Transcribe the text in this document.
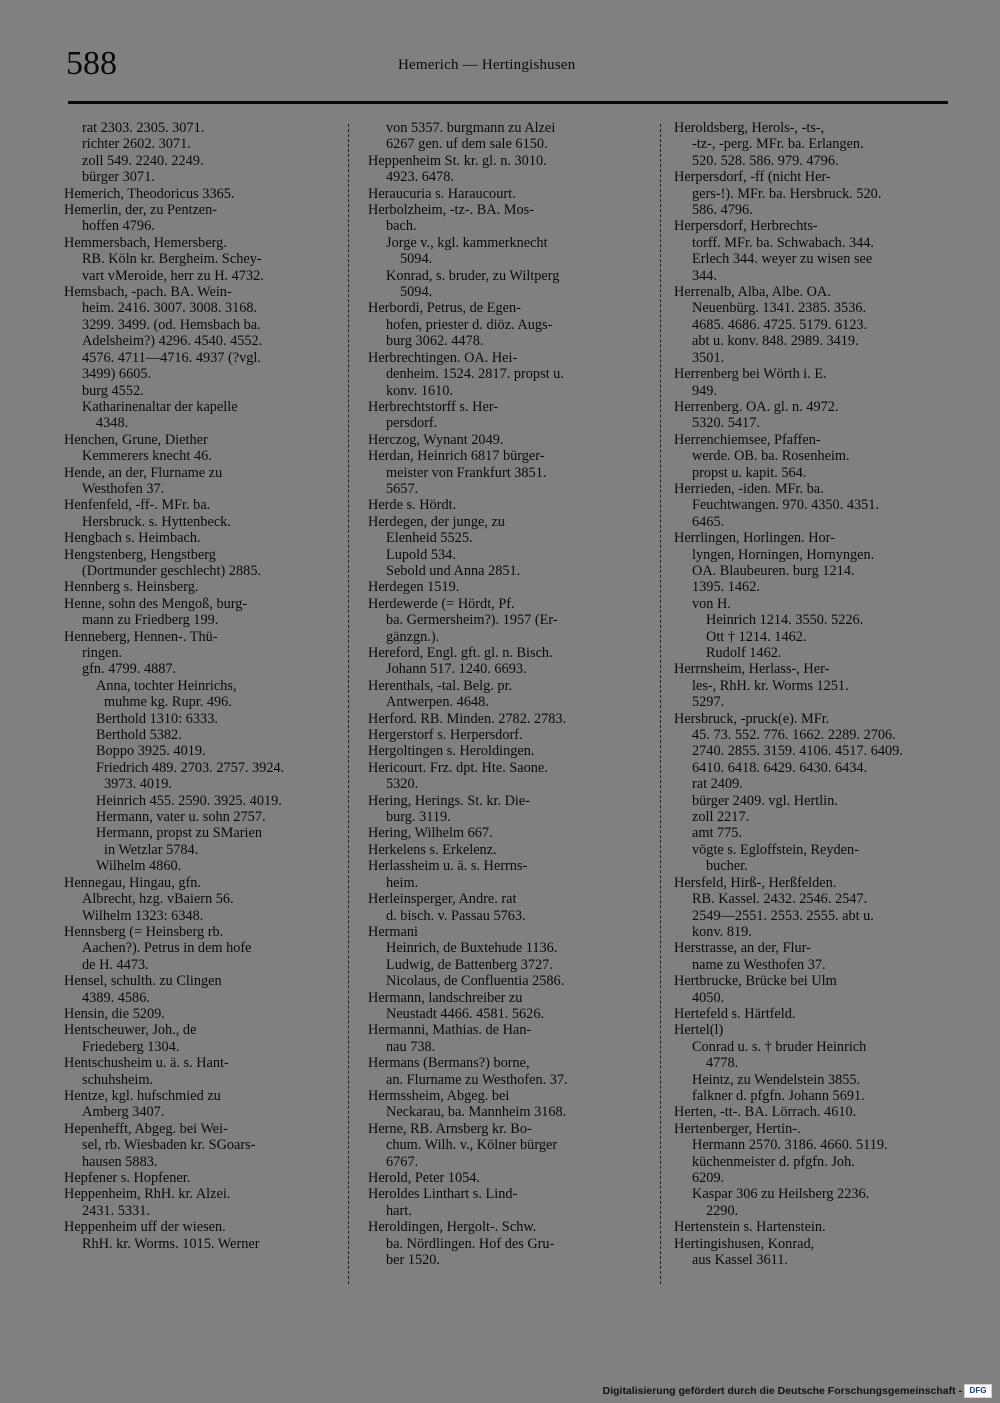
588	Hemerich — Hertingishusen
rat 2303. 2305. 3071.
richter 2602. 3071.
zoll 549. 2240. 2249.
bürger 3071.
Hemerich, Theodoricus 3365.
Hemerlin, der, zu Pentzen-
hoffen 4796.
Hemmersbach, Hemersberg.
RB. Köln kr. Bergheim. Schey-
vart vMeroide, herr zu H. 4732.
Hemsbach, -pach. BA. Wein-
heim. 2416. 3007. 3008. 3168.
3299. 3499. (od. Hemsbach ba.
Adelsheim?) 4296. 4540. 4552.
4576. 4711—4716. 4937 (?vgl.
3499) 6605.
burg 4552.
Katharinenaltar der kapelle
4348.
Henchen, Grune, Diether
Kemmerers knecht 46.
Hende, an der, Flurname zu
Westhofen 37.
Henfenfeld, -ff-. MFr. ba.
Hersbruck. s. Hyttenbeck.
Hengbach s. Heimbach.
Hengstenberg, Hengstberg
(Dortmunder geschlecht) 2885.
Hennberg s. Heinsberg.
Henne, sohn des Mengoß, burg-
mann zu Friedberg 199.
Henneberg, Hennen-. Thü-
ringen.
gfn. 4799. 4887.
Anna, tochter Heinrichs,
muhme kg. Rupr. 496.
Berthold 1310: 6333.
Berthold 5382.
Boppo 3925. 4019.
Friedrich 489. 2703. 2757. 3924.
3973. 4019.
Heinrich 455. 2590. 3925. 4019.
Hermann, vater u. sohn 2757.
Hermann, propst zu SMarien
in Wetzlar 5784.
Wilhelm 4860.
Hennegau, Hingau, gfn.
Albrecht, hzg. vBaiern 56.
Wilhelm 1323: 6348.
Hennsberg (= Heinsberg rb.
Aachen?). Petrus in dem hofe
de H. 4473.
Hensel, schulth. zu Clingen
4389. 4586.
Hensin, die 5209.
Hentscheuwer, Joh., de
Friedeberg 1304.
Hentschusheim u. ä. s. Hant-
schuhsheim.
Hentze, kgl. hufschmied zu
Amberg 3407.
Hepenhefft, Abgeg. bei Wei-
sel, rb. Wiesbaden kr. SGoars-
hausen 5883.
Hepfener s. Hopfener.
Heppenheim, RhH. kr. Alzei.
2431. 5331.
Heppenheim uff der wiesen.
RhH. kr. Worms. 1015. Werner
von 5357. burgmann zu Alzei
6267 gen. uf dem sale 6150.
Heppenheim St. kr. gl. n. 3010.
4923. 6478.
Heraucuria s. Haraucourt.
Herbolzheim, -tz-. BA. Mos-
bach.
Jorge v., kgl. kammerknecht
5094.
Konrad, s. bruder, zu Wiltperg
5094.
Herbordi, Petrus, de Egen-
hofen, priester d. diöz. Augs-
burg 3062. 4478.
Herbrechtingen. OA. Hei-
denheim. 1524. 2817. propst u.
konv. 1610.
Herbrechtstorff s. Her-
persdorf.
Herczog, Wynant 2049.
Herdan, Heinrich 6817 bürger-
meister von Frankfurt 3851.
5657.
Herde s. Hördt.
Herdegen, der junge, zu
Elenheid 5525.
Lupold 534.
Sebold und Anna 2851.
Herdegen 1519.
Herdewerde (= Hördt, Pf.
ba. Germersheim?). 1957 (Er-
gänzgn.).
Hereford, Engl. gft. gl. n. Bisch.
Johann 517. 1240. 6693.
Herenthals, -tal. Belg. pr.
Antwerpen. 4648.
Herford. RB. Minden. 2782. 2783.
Hergerstorf s. Herpersdorf.
Hergoltingen s. Heroldingen.
Hericourt. Frz. dpt. Hte. Saone.
5320.
Hering, Herings. St. kr. Die-
burg. 3119.
Hering, Wilhelm 667.
Herkelens s. Erkelenz.
Herlassheim u. ä. s. Herrns-
heim.
Herleinsperger, Andre. rat
d. bisch. v. Passau 5763.
Hermani
Heinrich, de Buxtehude 1136.
Ludwig, de Battenberg 3727.
Nicolaus, de Confluentia 2586.
Hermann, landschreiber zu
Neustadt 4466. 4581. 5626.
Hermanni, Mathias. de Han-
nau 738.
Hermans (Bermans?) borne,
an. Flurname zu Westhofen. 37.
Hermssheim, Abgeg. bei
Neckarau, ba. Mannheim 3168.
Herne, RB. Arnsberg kr. Bo-
chum. Wilh. v., Kölner bürger
6767.
Herold, Peter 1054.
Heroldes Linthart s. Lind-
hart.
Heroldingen, Hergolt-. Schw.
ba. Nördlingen. Hof des Gru-
ber 1520.
Heroldsberg, Herols-, -ts-,
-tz-, -perg. MFr. ba. Erlangen.
520. 528. 586. 979. 4796.
Herpersdorf, -ff (nicht Her-
gers-!). MFr. ba. Hersbruck. 520.
586. 4796.
Herpersdorf, Herbrechts-
torff. MFr. ba. Schwabach. 344.
Erlech 344. weyer zu wisen see
344.
Herrenalb, Alba, Albe. OA.
Neuenbürg. 1341. 2385. 3536.
4685. 4686. 4725. 5179. 6123.
abt u. konv. 848. 2989. 3419.
3501.
Herrenberg bei Wörth i. E.
949.
Herrenberg. OA. gl. n. 4972.
5320. 5417.
Herrenchiemsee, Pfaffen-
werde. OB. ba. Rosenheim.
propst u. kapit. 564.
Herrieden, -iden. MFr. ba.
Feuchtwangen. 970. 4350. 4351.
6465.
Herrlingen, Horlingen. Hor-
lyngen, Horningen, Hornyngen.
OA. Blaubeuren. burg 1214.
1395. 1462.
von H.
Heinrich 1214. 3550. 5226.
Ott † 1214. 1462.
Rudolf 1462.
Herrnsheim, Herlass-, Her-
les-, RhH. kr. Worms 1251.
5297.
Hersbruck, -pruck(e). MFr.
45. 73. 552. 776. 1662. 2289. 2706.
2740. 2855. 3159. 4106. 4517. 6409.
6410. 6418. 6429. 6430. 6434.
rat 2409.
bürger 2409. vgl. Hertlin.
zoll 2217.
amt 775.
vögte s. Egloffstein, Reyden-
bucher.
Hersfeld, Hirß-, Herßfelden.
RB. Kassel. 2432. 2546. 2547.
2549—2551. 2553. 2555. abt u.
konv. 819.
Herstrasse, an der, Flur-
name zu Westhofen 37.
Hertbrucke, Brücke bei Ulm
4050.
Hertefeld s. Härtfeld.
Hertel(l)
Conrad u. s. † bruder Heinrich
4778.
Heintz, zu Wendelstein 3855.
falkner d. pfgfn. Johann 5691.
Herten, -tt-. BA. Lörrach. 4610.
Hertenberger, Hertin-.
Hermann 2570. 3186. 4660. 5119.
küchenmeister d. pfgfn. Joh.
6209.
Kaspar 306 zu Heilsberg 2236.
2290.
Hertenstein s. Hartenstein.
Hertingishusen, Konrad,
aus Kassel 3611.
Digitalisierung gefördert durch die Deutsche Forschungsgemeinschaft - DFG
